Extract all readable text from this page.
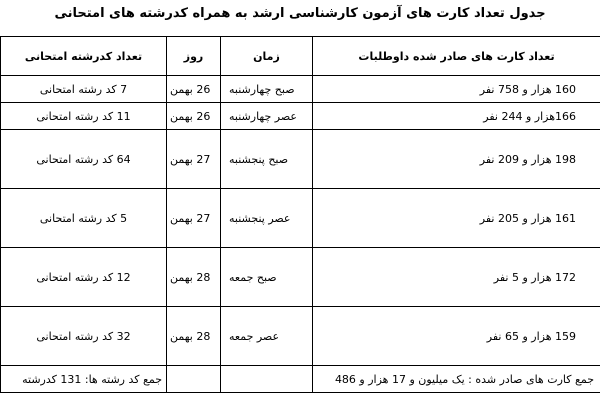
جدول تعداد کارت های آزمون کارشناسی ارشد به همراه کدرشته های امتحانی
تعداد کارت های صادر شده داوطلبات	زمان	روز	تعداد کدرشته امتحانی
160 هزار و 758 نفر	صبح چهارشنبه	26 بهمن	7 کد رشته امتحانی
166هزار و 244 نفر	عصر چهارشنبه	26 بهمن	11 کد رشته امتحانی
198 هزار و 209 نفر	صبح پنجشنبه	27 بهمن	64 کد رشته امتحانی
161 هزار و 205 نفر	عصر پنجشنبه	27 بهمن	5 کد رشته امتحانی
172 هزار و 5 نفر	صبح جمعه	28 بهمن	12 کد رشته امتحانی
159 هزار و 65 نفر	عصر جمعه	28 بهمن	32 کد رشته امتحانی
جمع کارت های صادر شده : یک میلیون و 17 هزار و 486			جمع کد رشته ها: 131 کدرشته
